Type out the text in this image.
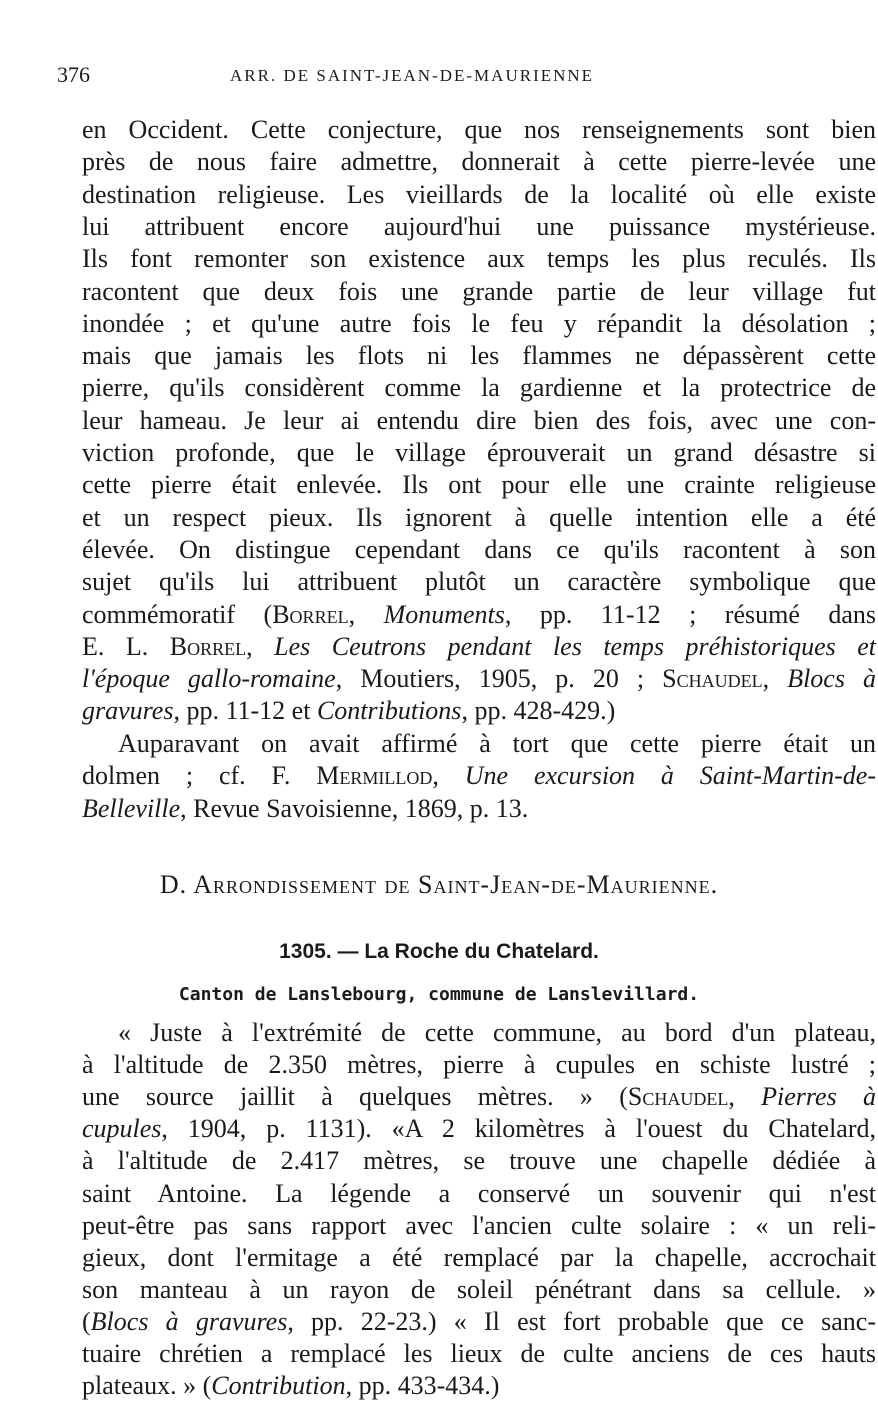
376	ARR. DE SAINT-JEAN-DE-MAURIENNE
en Occident. Cette conjecture, que nos renseignements sont bien
près de nous faire admettre, donnerait à cette pierre-levée une
destination religieuse. Les vieillards de la localité où elle existe
lui attribuent encore aujourd'hui une puissance mystérieuse.
Ils font remonter son existence aux temps les plus reculés. Ils
racontent que deux fois une grande partie de leur village fut
inondée ; et qu'une autre fois le feu y répandit la désolation ;
mais que jamais les flots ni les flammes ne dépassèrent cette
pierre, qu'ils considèrent comme la gardienne et la protectrice de
leur hameau. Je leur ai entendu dire bien des fois, avec une con-
viction profonde, que le village éprouverait un grand désastre si
cette pierre était enlevée. Ils ont pour elle une crainte religieuse
et un respect pieux. Ils ignorent à quelle intention elle a été
élevée. On distingue cependant dans ce qu'ils racontent à son
sujet qu'ils lui attribuent plutôt un caractère symbolique que
commémoratif (Borrel, Monuments, pp. 11-12 ; résumé dans
E. L. Borrel, Les Ceutrons pendant les temps préhistoriques et
l'époque gallo-romaine, Moutiers, 1905, p. 20 ; Schaudel, Blocs à
gravures, pp. 11-12 et Contributions, pp. 428-429.)
Auparavant on avait affirmé à tort que cette pierre était un
dolmen ; cf. F. Mermillod, Une excursion à Saint-Martin-de-
Belleville, Revue Savoisienne, 1869, p. 13.
« Juste à l'extrémité de cette commune, au bord d'un plateau,
à l'altitude de 2.350 mètres, pierre à cupules en schiste lustré ;
une source jaillit à quelques mètres. » (Schaudel, Pierres à
cupules, 1904, p. 1131). «A 2 kilomètres à l'ouest du Chatelard,
à l'altitude de 2.417 mètres, se trouve une chapelle dédiée à
saint Antoine. La légende a conservé un souvenir qui n'est
peut-être pas sans rapport avec l'ancien culte solaire : « un reli-
gieux, dont l'ermitage a été remplacé par la chapelle, accrochait
son manteau à un rayon de soleil pénétrant dans sa cellule. »
(Blocs à gravures, pp. 22-23.) « Il est fort probable que ce sanc-
tuaire chrétien a remplacé les lieux de culte anciens de ces hauts
plateaux. » (Contribution, pp. 433-434.)
D. Arrondissement de Saint-Jean-de-Maurienne.
1305. — La Roche du Chatelard.
Canton de Lanslebourg, commune de Lanslevillard.
